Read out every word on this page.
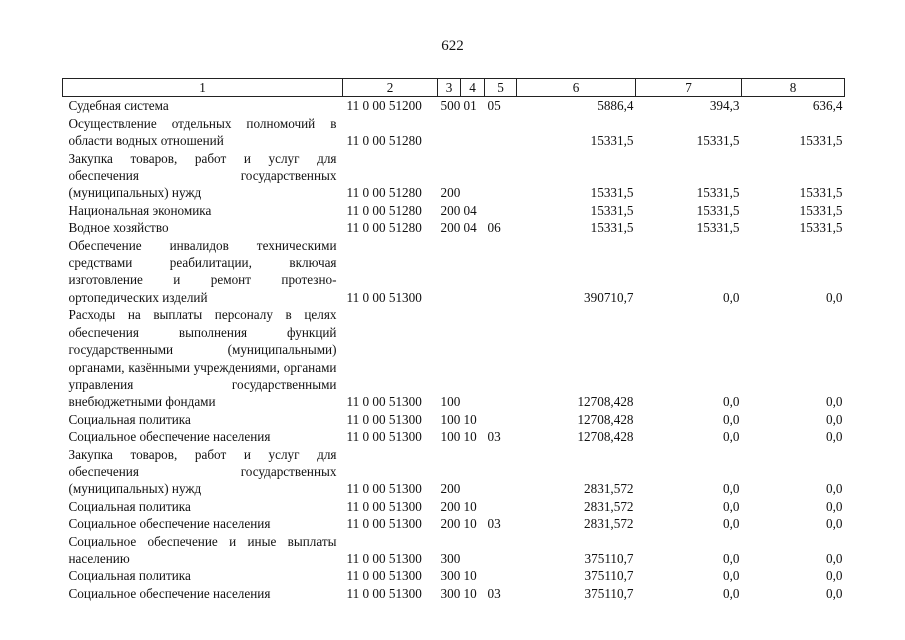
622
1	2	3	4	5	6	7	8
Судебная система	11 0 00 51200	500	01	05	5886,4	394,3	636,4
Осуществление отдельных полномочий в области водных отношений	11 0 00 51280				15331,5	15331,5	15331,5
Закупка товаров, работ и услуг для обеспечения государственных (муниципальных) нужд	11 0 00 51280	200			15331,5	15331,5	15331,5
Национальная экономика	11 0 00 51280	200	04		15331,5	15331,5	15331,5
Водное хозяйство	11 0 00 51280	200	04	06	15331,5	15331,5	15331,5
Обеспечение инвалидов техническими средствами реабилитации, включая изготовление и ремонт протезно-ортопедических изделий	11 0 00 51300				390710,7	0,0	0,0
Расходы на выплаты персоналу в целях обеспечения выполнения функций государственными (муниципальными) органами, казёнными учреждениями, органами управления государственными внебюджетными фондами	11 0 00 51300	100			12708,428	0,0	0,0
Социальная политика	11 0 00 51300	100	10		12708,428	0,0	0,0
Социальное обеспечение населения	11 0 00 51300	100	10	03	12708,428	0,0	0,0
Закупка товаров, работ и услуг для обеспечения государственных (муниципальных) нужд	11 0 00 51300	200			2831,572	0,0	0,0
Социальная политика	11 0 00 51300	200	10		2831,572	0,0	0,0
Социальное обеспечение населения	11 0 00 51300	200	10	03	2831,572	0,0	0,0
Социальное обеспечение и иные выплаты населению	11 0 00 51300	300			375110,7	0,0	0,0
Социальная политика	11 0 00 51300	300	10		375110,7	0,0	0,0
Социальное обеспечение населения	11 0 00 51300	300	10	03	375110,7	0,0	0,0
